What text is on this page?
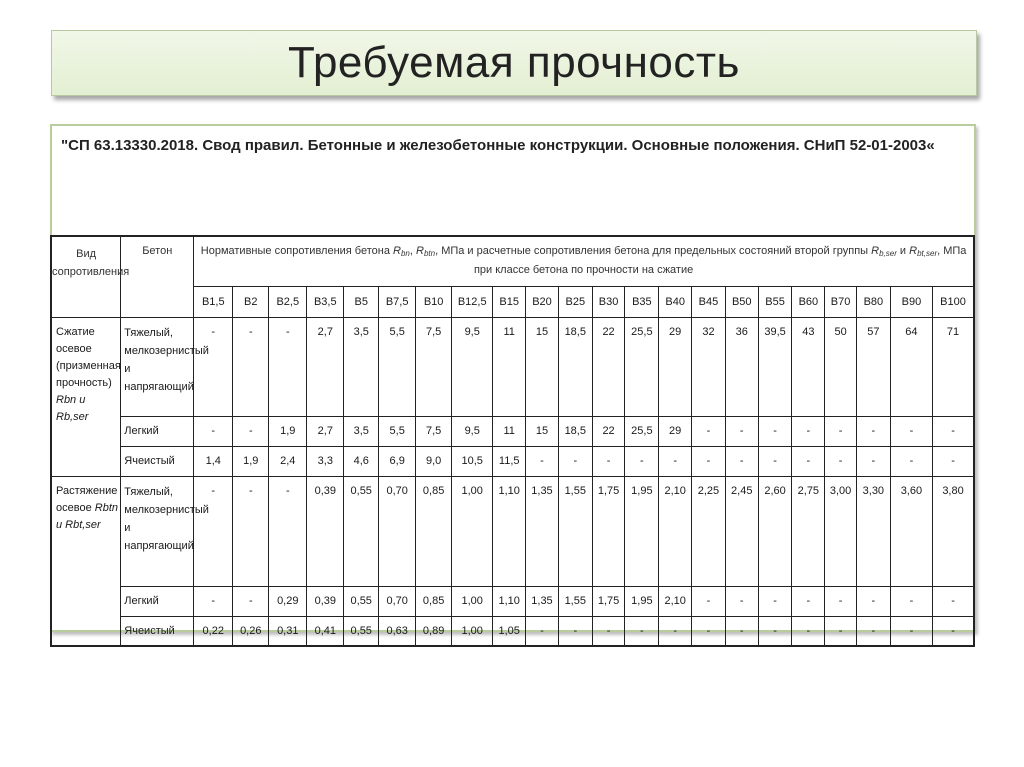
Требуемая прочность
"СП 63.13330.2018. Свод правил. Бетонные и железобетонные конструкции. Основные положения. СНиП 52-01-2003«
Вид сопротивления	Бетон	Нормативные сопротивления бетона $R_{bn}$, $R_{btn}$, МПа и расчетные сопротивления бетона для предельных состояний второй группы $R_{b,ser}$ и $R_{bt,ser}$, МПа при классе бетона по прочности на сжатие																					
		B1,5	B2	B2,5	B3,5	B5	B7,5	B10	B12,5	B15	B20	B25	B30	B35	B40	B45	B50	B55	B60	B70	B80	B90	B100
Сжатие осевое (призменная прочность) Rbn и Rb,ser	Тяжелый, мелкозернистый и напрягающий	-	-	-	2,7	3,5	5,5	7,5	9,5	11	15	18,5	22	25,5	29	32	36	39,5	43	50	57	64	71
	Легкий	-	-	1,9	2,7	3,5	5,5	7,5	9,5	11	15	18,5	22	25,5	29	-	-	-	-	-	-	-	-
	Ячеистый	1,4	1,9	2,4	3,3	4,6	6,9	9,0	10,5	11,5	-	-	-	-	-	-	-	-	-	-	-	-	-
Растяжение осевое Rbtn и Rbt,ser	Тяжелый, мелкозернистый и напрягающий	-	-	-	0,39	0,55	0,70	0,85	1,00	1,10	1,35	1,55	1,75	1,95	2,10	2,25	2,45	2,60	2,75	3,00	3,30	3,60	3,80
	Легкий	-	-	0,29	0,39	0,55	0,70	0,85	1,00	1,10	1,35	1,55	1,75	1,95	2,10	-	-	-	-	-	-	-	-
	Ячеистый	0,22	0,26	0,31	0,41	0,55	0,63	0,89	1,00	1,05	-	-	-	-	-	-	-	-	-	-	-	-	-
